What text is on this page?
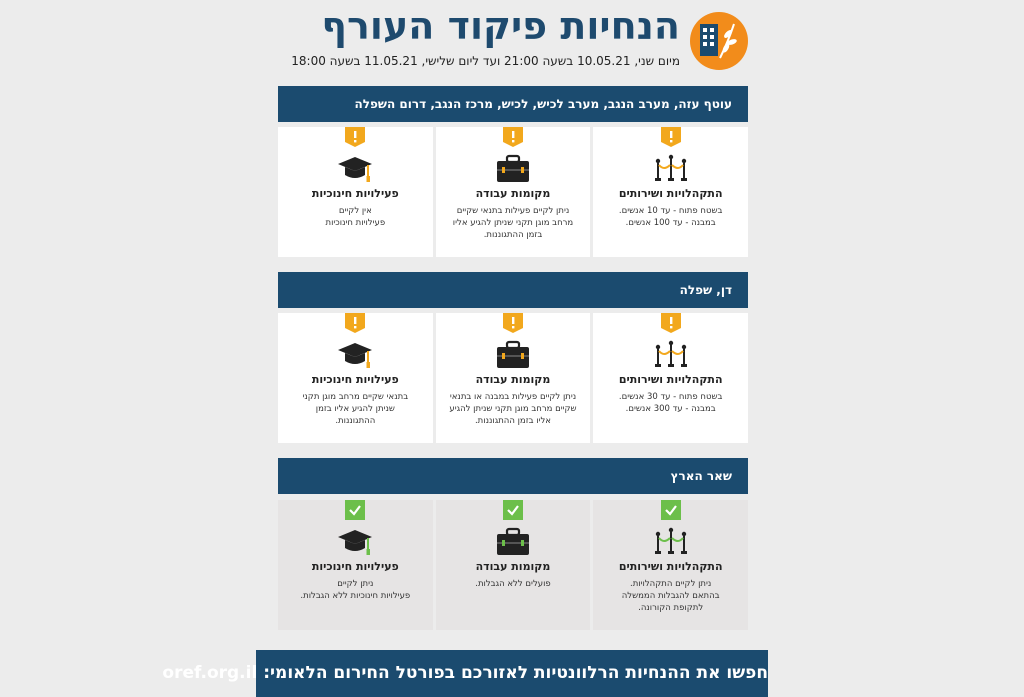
הנחיות פיקוד העורף
מיום שני, 10.05.21 בשעה 21:00 ועד ליום שלישי, 11.05.21 בשעה 18:00
עוטף עזה, מערב הנגב, מערב לכיש, לכיש, מרכז הנגב, דרום השפלה
התקהלויות ושירותים
בשטח פתוח - עד 10 אנשים.
במבנה - עד 100 אנשים.
מקומות עבודה
ניתן לקיים פעילות בתנאי שקיים
מרחב מוגן תקני שניתן להגיע אליו
בזמן ההתגוננות.
פעילויות חינוכיות
אין לקיים
פעילויות חינוכיות
דן, שפלה
התקהלויות ושירותים
בשטח פתוח - עד 30 אנשים.
במבנה - עד 300 אנשים.
מקומות עבודה
ניתן לקיים פעילות במבנה או בתנאי
שקיים מרחב מוגן תקני שניתן להגיע
אליו בזמן ההתגוננות.
פעילויות חינוכיות
בתנאי שקיים מרחב מוגן תקני
שניתן להגיע אליו בזמן
ההתגוננות.
שאר הארץ
התקהלויות ושירותים
ניתן לקיים התקהלויות.
בהתאם להגבלות הממשלה
לתקופת הקורונה.
מקומות עבודה
פועלים ללא הגבלות.
פעילויות חינוכיות
ניתן לקיים
פעילויות חינוכיות ללא הגבלות.
חפשו את ההנחיות הרלוונטיות לאזורכם בפורטל החירום הלאומי: oref.org.il
